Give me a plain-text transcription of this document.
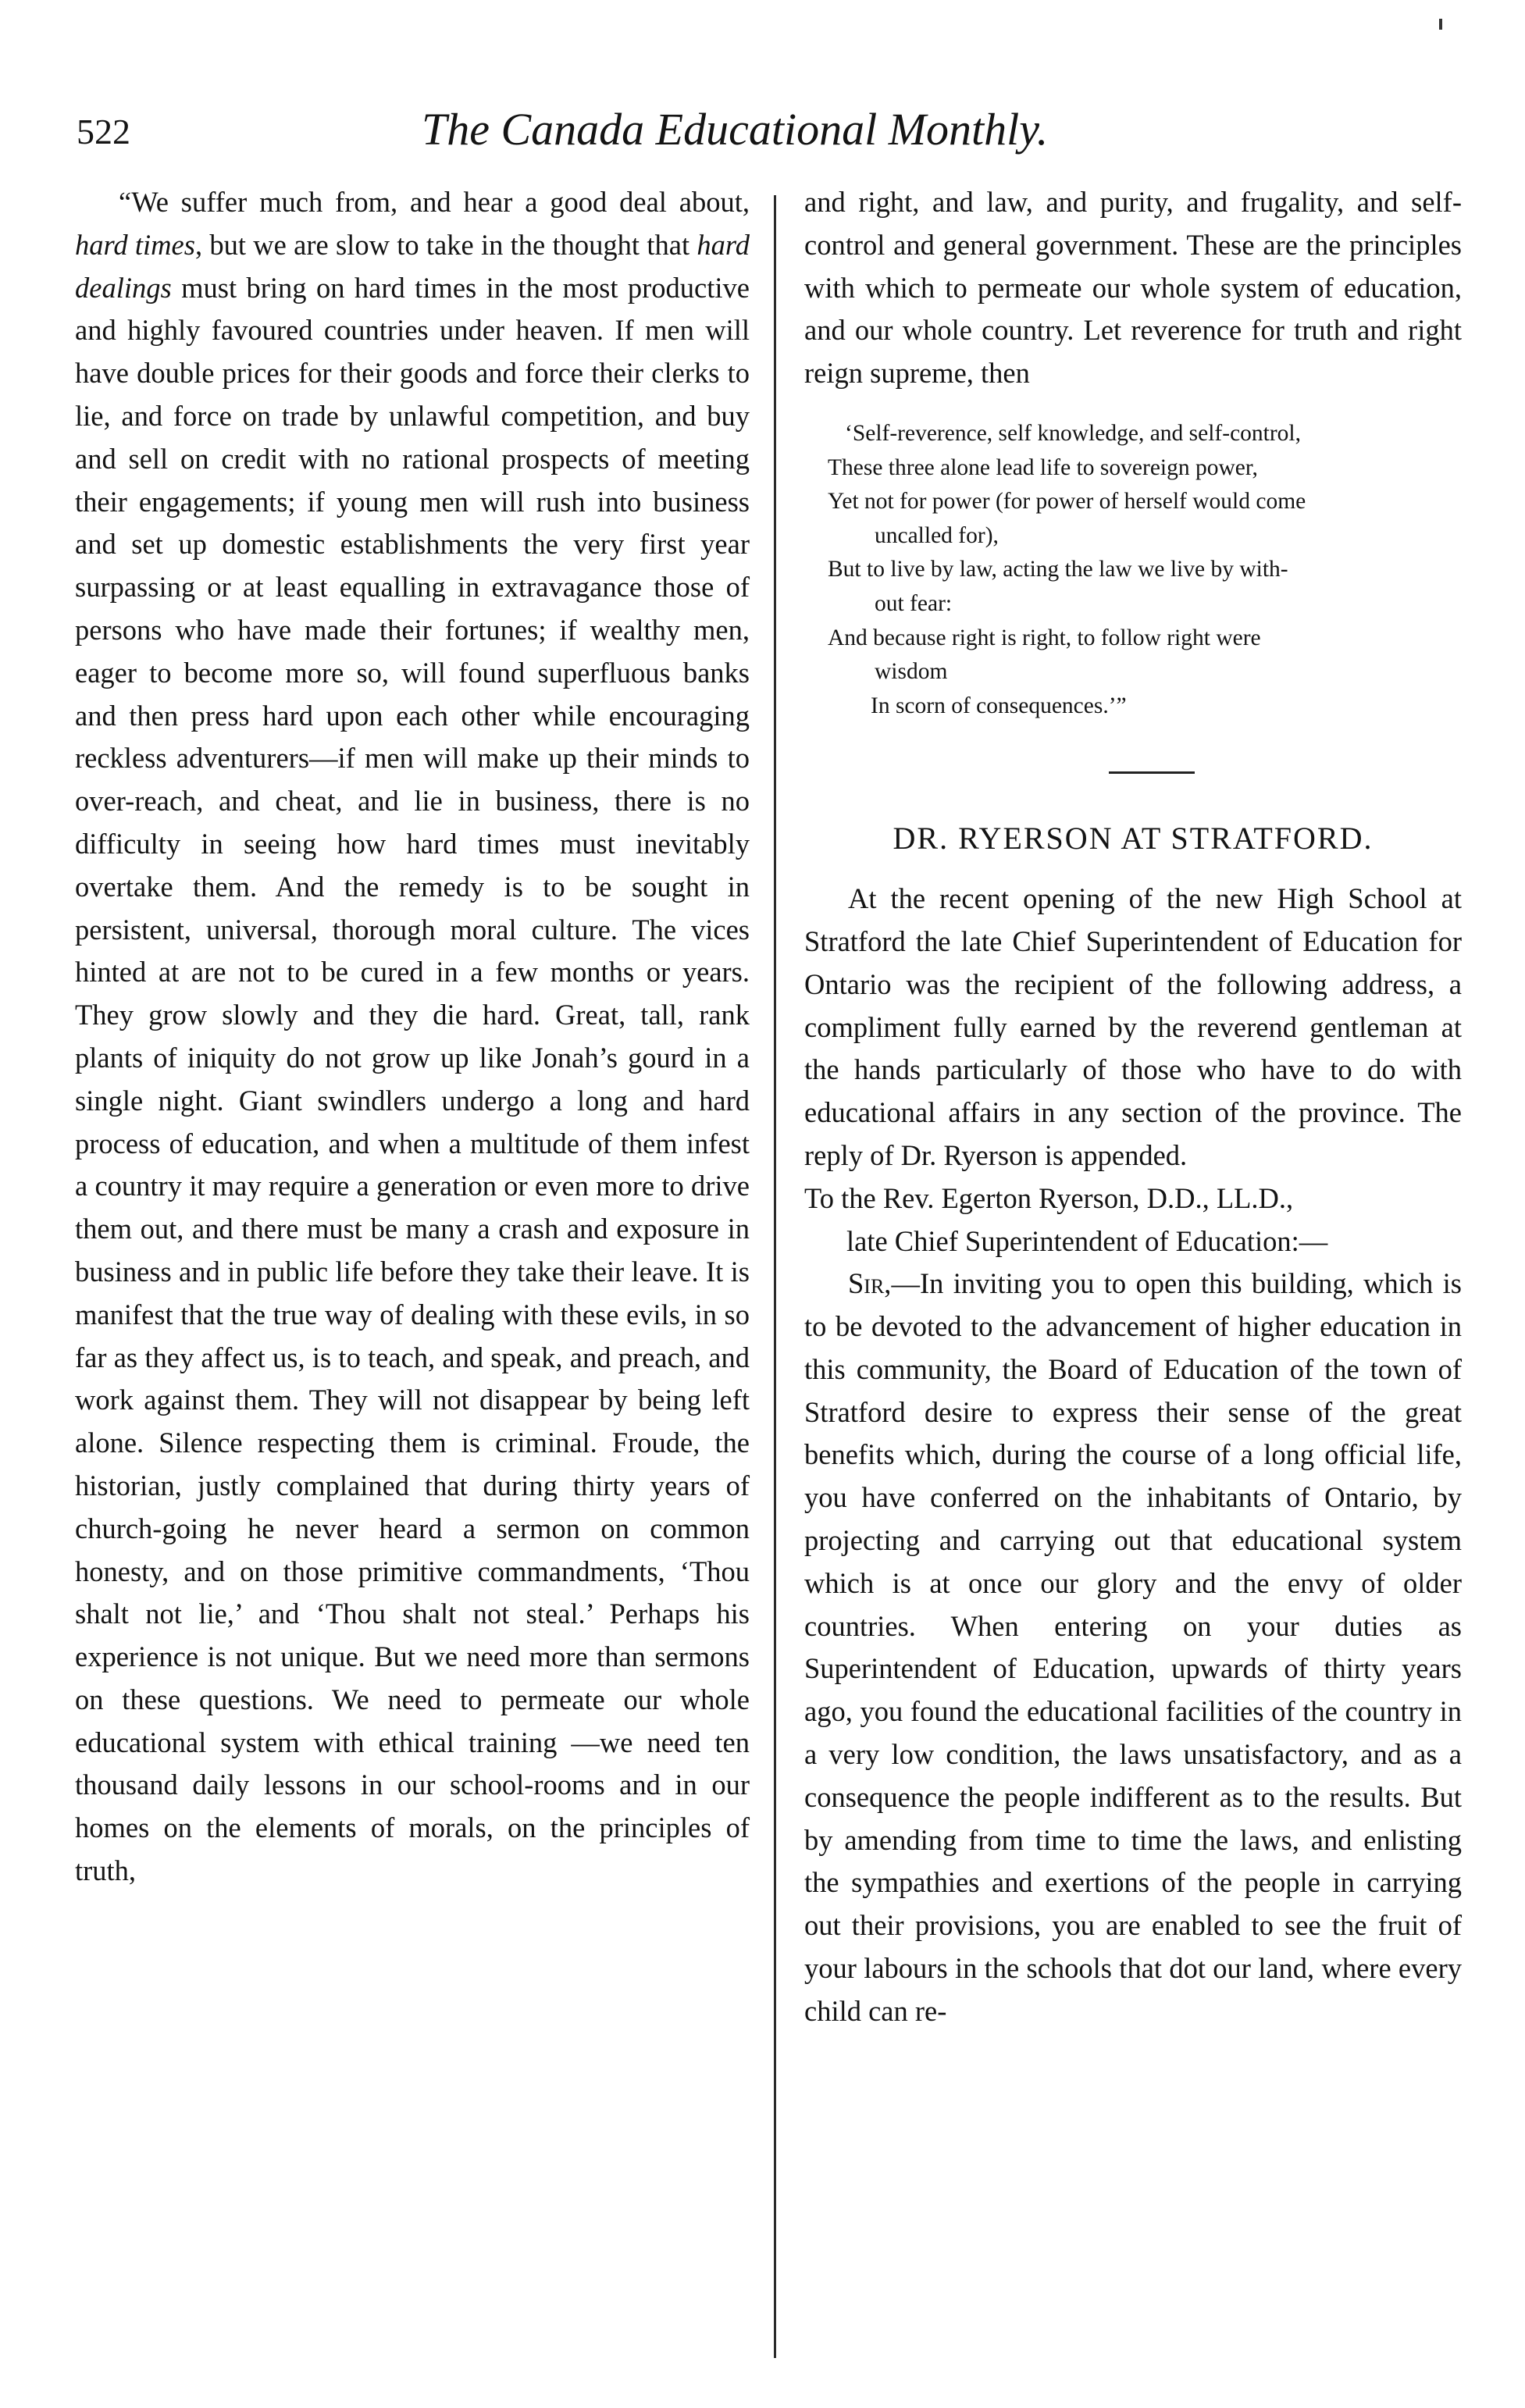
522	The Canada Educational Monthly.

“We suffer much from, and hear a good deal about, hard times, but we are slow to take in the thought that hard dealings must bring on hard times in the most productive and highly favoured countries under heaven. If men will have double prices for their goods and force their clerks to lie, and force on trade by unlawful competition, and buy and sell on credit with no rational prospects of meeting their engagements; if young men will rush into business and set up domestic establishments the very first year surpassing or at least equalling in extravagance those of persons who have made their fortunes; if wealthy men, eager to become more so, will found superfluous banks and then press hard upon each other while encouraging reckless adventurers—if men will make up their minds to over-reach, and cheat, and lie in business, there is no difficulty in seeing how hard times must inevitably overtake them. And the remedy is to be sought in persistent, universal, thorough moral culture. The vices hinted at are not to be cured in a few months or years. They grow slowly and they die hard. Great, tall, rank plants of iniquity do not grow up like Jonah’s gourd in a single night. Giant swindlers undergo a long and hard process of education, and when a multitude of them infest a country it may require a generation or even more to drive them out, and there must be many a crash and exposure in business and in public life before they take their leave. It is manifest that the true way of dealing with these evils, in so far as they affect us, is to teach, and speak, and preach, and work against them. They will not disappear by being left alone. Silence respecting them is criminal. Froude, the historian, justly complained that during thirty years of church-going he never heard a sermon on common honesty, and on those primitive commandments, ‘Thou shalt not lie,’ and ‘Thou shalt not steal.’ Perhaps his experience is not unique. But we need more than sermons on these questions. We need to permeate our whole educational system with ethical training —we need ten thousand daily lessons in our school-rooms and in our homes on the elements of morals, on the principles of truth,

and right, and law, and purity, and frugality, and self-control and general government. These are the principles with which to permeate our whole system of education, and our whole country. Let reverence for truth and right reign supreme, then

‘Self-reverence, self knowledge, and self-control,
These three alone lead life to sovereign power,
Yet not for power (for power of herself would come
uncalled for),
But to live by law, acting the law we live by with-
out fear:
And because right is right, to follow right were
wisdom
In scorn of consequences.’”
DR. RYERSON AT STRATFORD.

At the recent opening of the new High School at Stratford the late Chief Superintendent of Education for Ontario was the recipient of the following address, a compliment fully earned by the reverend gentleman at the hands particularly of those who have to do with educational affairs in any section of the province. The reply of Dr. Ryerson is appended.

To the Rev. Egerton Ryerson, D.D., LL.D.,
late Chief Superintendent of Education:—

Sir,—In inviting you to open this building, which is to be devoted to the advancement of higher education in this community, the Board of Education of the town of Stratford desire to express their sense of the great benefits which, during the course of a long official life, you have conferred on the inhabitants of Ontario, by projecting and carrying out that educational system which is at once our glory and the envy of older countries. When entering on your duties as Superintendent of Education, upwards of thirty years ago, you found the educational facilities of the country in a very low condition, the laws unsatisfactory, and as a consequence the people indifferent as to the results. But by amending from time to time the laws, and enlisting the sympathies and exertions of the people in carrying out their provisions, you are enabled to see the fruit of your labours in the schools that dot our land, where every child can re-
